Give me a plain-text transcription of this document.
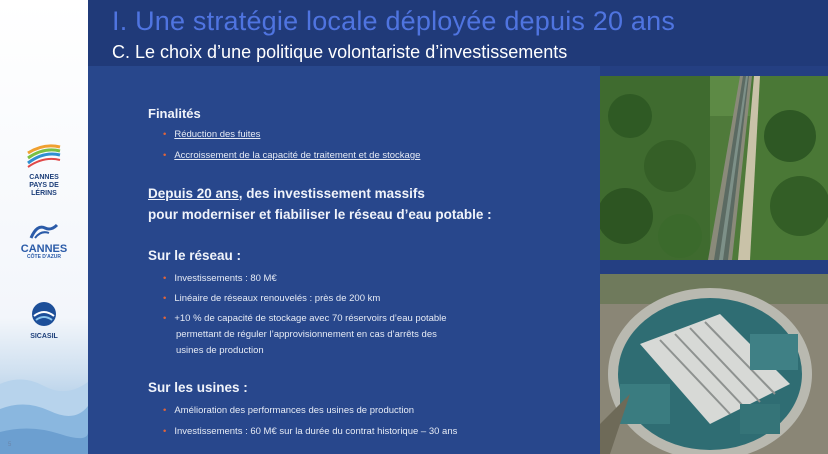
CANNES
PAYS DE
LÉRINS
CANNES
CÔTE D'AZUR
SICASIL
5
I. Une stratégie locale déployée depuis 20 ans
C. Le choix d’une politique volontariste d’investissements
Finalités
• Réduction des fuites
• Accroissement de la capacité de traitement et de stockage
Depuis 20 ans, des investissement massifs
pour moderniser et fiabiliser le réseau d’eau potable :
Sur le réseau :
• Investissements : 80 M€
• Linéaire de réseaux renouvelés : près de 200 km
• +10 % de capacité de stockage avec 70 réservoirs d’eau potable
permettant de réguler l’approvisionnement en cas d’arrêts des
usines de production
Sur les usines :
• Amélioration des performances des usines de production
• Investissements : 60 M€ sur la durée du contrat historique – 30 ans
